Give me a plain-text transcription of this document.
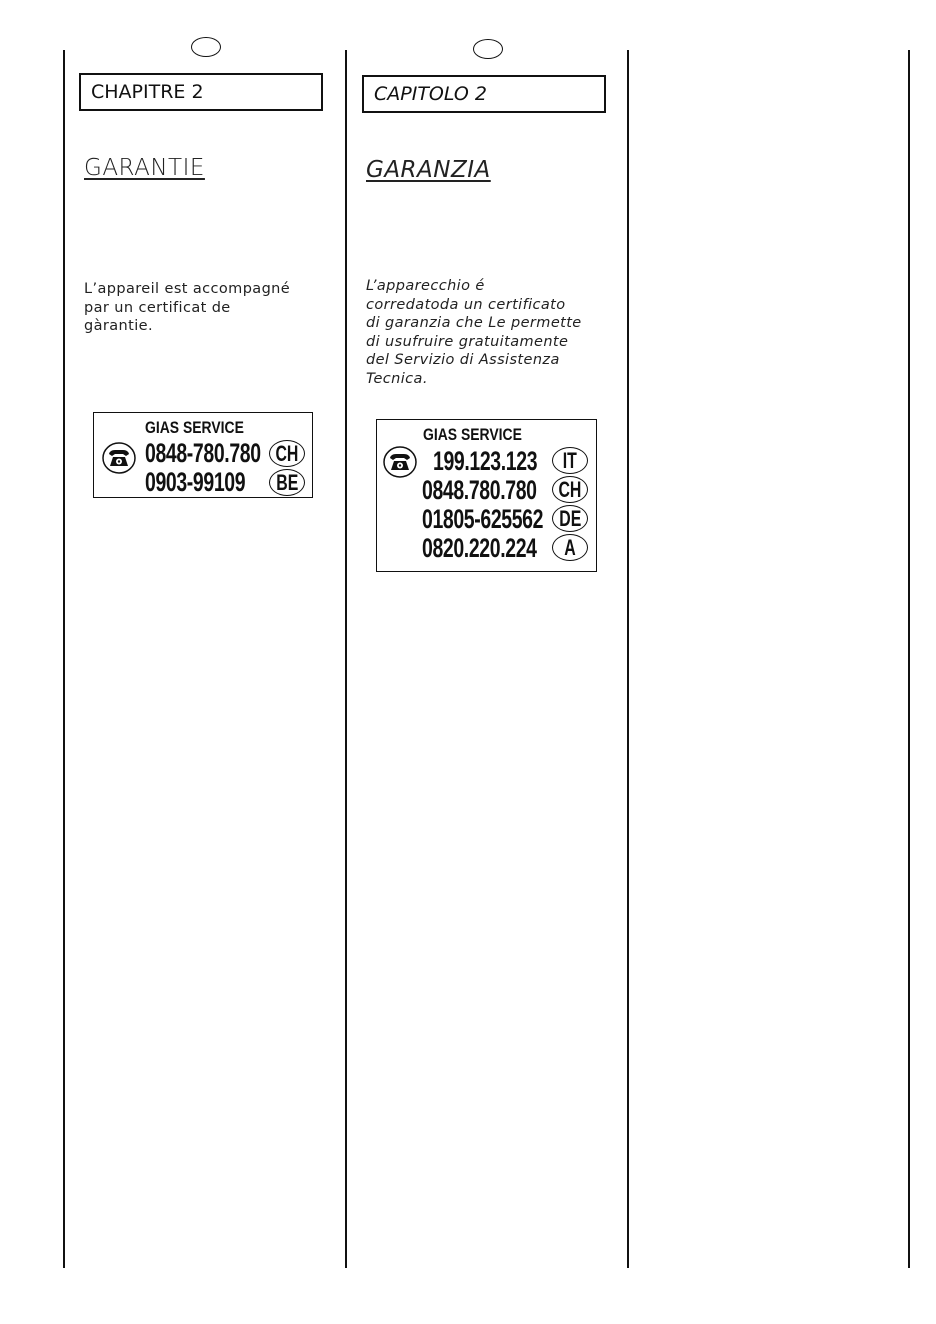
CHAPITRE 2
GARANTIE
L’appareil est accompagné
par un certificat de
gàrantie.
GIAS SERVICE
0848-780.780 CH
0903-99109 BE
CAPITOLO 2
GARANZIA
L’apparecchio é
corredatoda un certificato
di garanzia che Le permette
di usufruire gratuitamente
del Servizio di Assistenza
Tecnica.
GIAS SERVICE
199.123.123 IT
0848.780.780 CH
01805-625562 DE
0820.220.224 A
